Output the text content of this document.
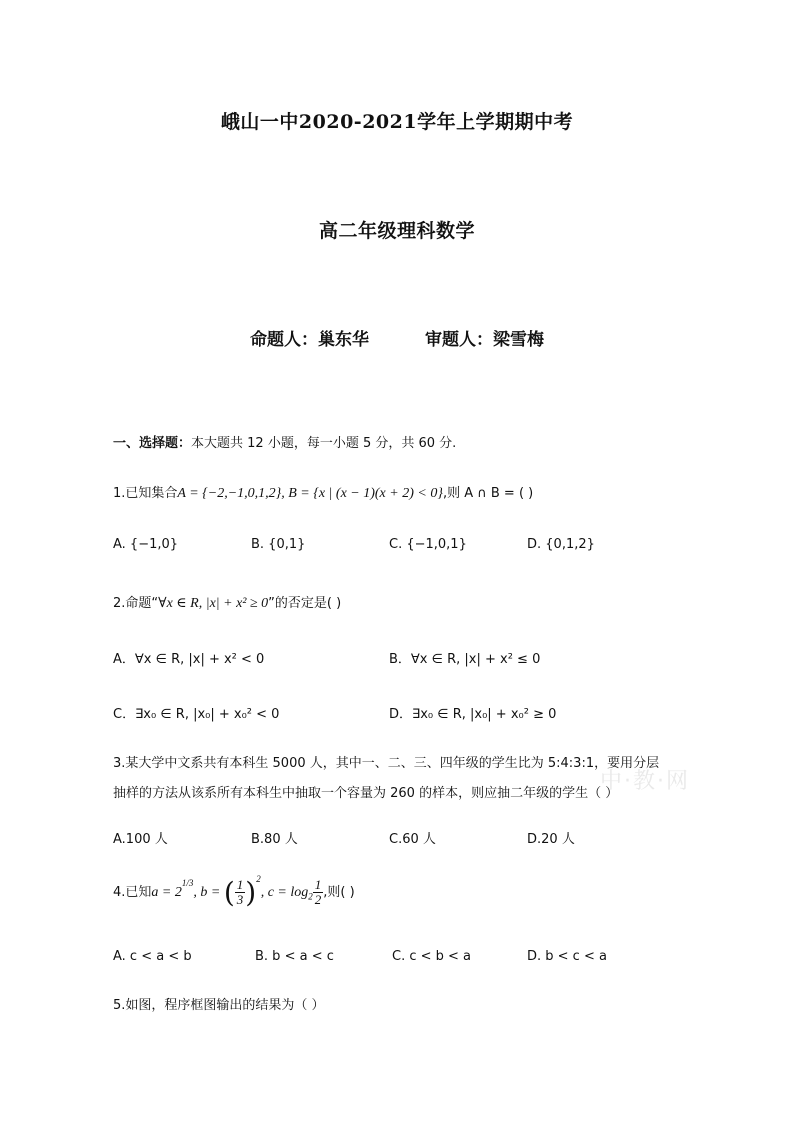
峨山一中2020-2021学年上学期期中考
高二年级理科数学
命题人：巢东华	审题人：梁雪梅
一、选择题：本大题共 12 小题，每一小题 5 分，共 60 分.
1.已知集合A = {−2,−1,0,1,2}, B = {x | (x − 1)(x + 2) < 0},则 A ∩ B = ( )
A. {−1,0}	B. {0,1}	C. {−1,0,1}	D. {0,1,2}
2.命题“∀x ∈ R, |x| + x² ≥ 0”的否定是( )
A．∀x ∈ R, |x| + x² < 0	B．∀x ∈ R, |x| + x² ≤ 0
C．∃x₀ ∈ R, |x₀| + x₀² < 0	D．∃x₀ ∈ R, |x₀| + x₀² ≥ 0
3.某大学中文系共有本科生 5000 人，其中一、二、三、四年级的学生比为 5:4:3:1，要用分层
中·教·网
抽样的方法从该系所有本科生中抽取一个容量为 260 的样本，则应抽二年级的学生（ ）
A.100 人	B.80 人	C.60 人	D.20 人
4.已知$a = 2^{1/3}$, b = ( $\frac{1}{3} )^2$, $c = \log_2 \frac{1}{2}$ ,则( )
A. c < a < b	B. b < a < c	C. c < b < a	D. b < c < a
5.如图，程序框图输出的结果为（ ）
